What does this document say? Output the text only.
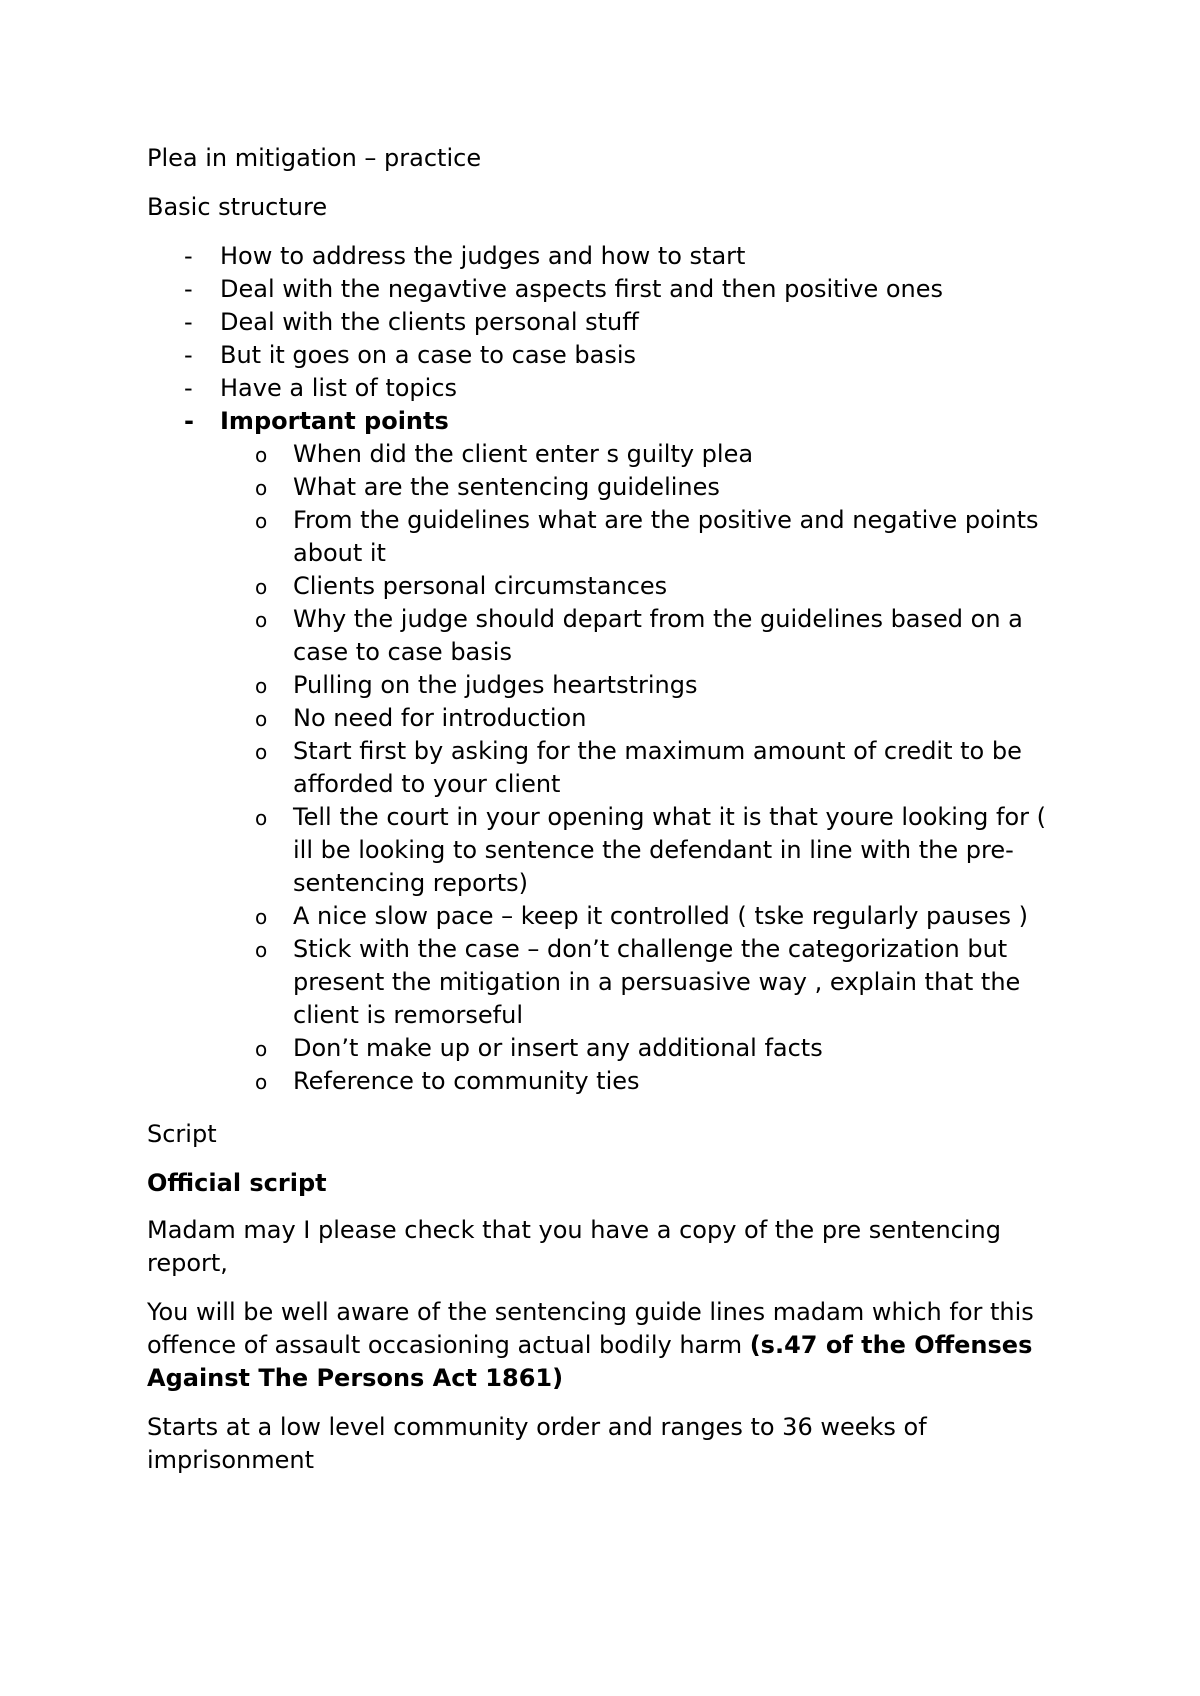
Plea in mitigation – practice

Basic structure

- How to address the judges and how to start
- Deal with the negavtive aspects first and then positive ones
- Deal with the clients personal stuff
- But it goes on a case to case basis
- Have a list of topics
- Important points
o When did the client enter s guilty plea
o What are the sentencing guidelines
o From the guidelines what are the positive and negative points about it
o Clients personal circumstances
o Why the judge should depart from the guidelines based on a case to case basis
o Pulling on the judges heartstrings
o No need for introduction
o Start first by asking for the maximum amount of credit to be afforded to your client
o Tell the court in your opening what it is that youre looking for ( ill be looking to sentence the defendant in line with the pre-sentencing reports)
o A nice slow pace – keep it controlled ( tske regularly pauses )
o Stick with the case – don’t challenge the categorization but present the mitigation in a persuasive way , explain that the client is remorseful
o Don’t make up or insert any additional facts
o Reference to community ties

Script

Official script

Madam may I please check that you have a copy of the pre sentencing report,

You will be well aware of the sentencing guide lines madam which for this offence of assault occasioning actual bodily harm (s.47 of the Offenses Against The Persons Act 1861)

Starts at a low level community order and ranges to 36 weeks of imprisonment
